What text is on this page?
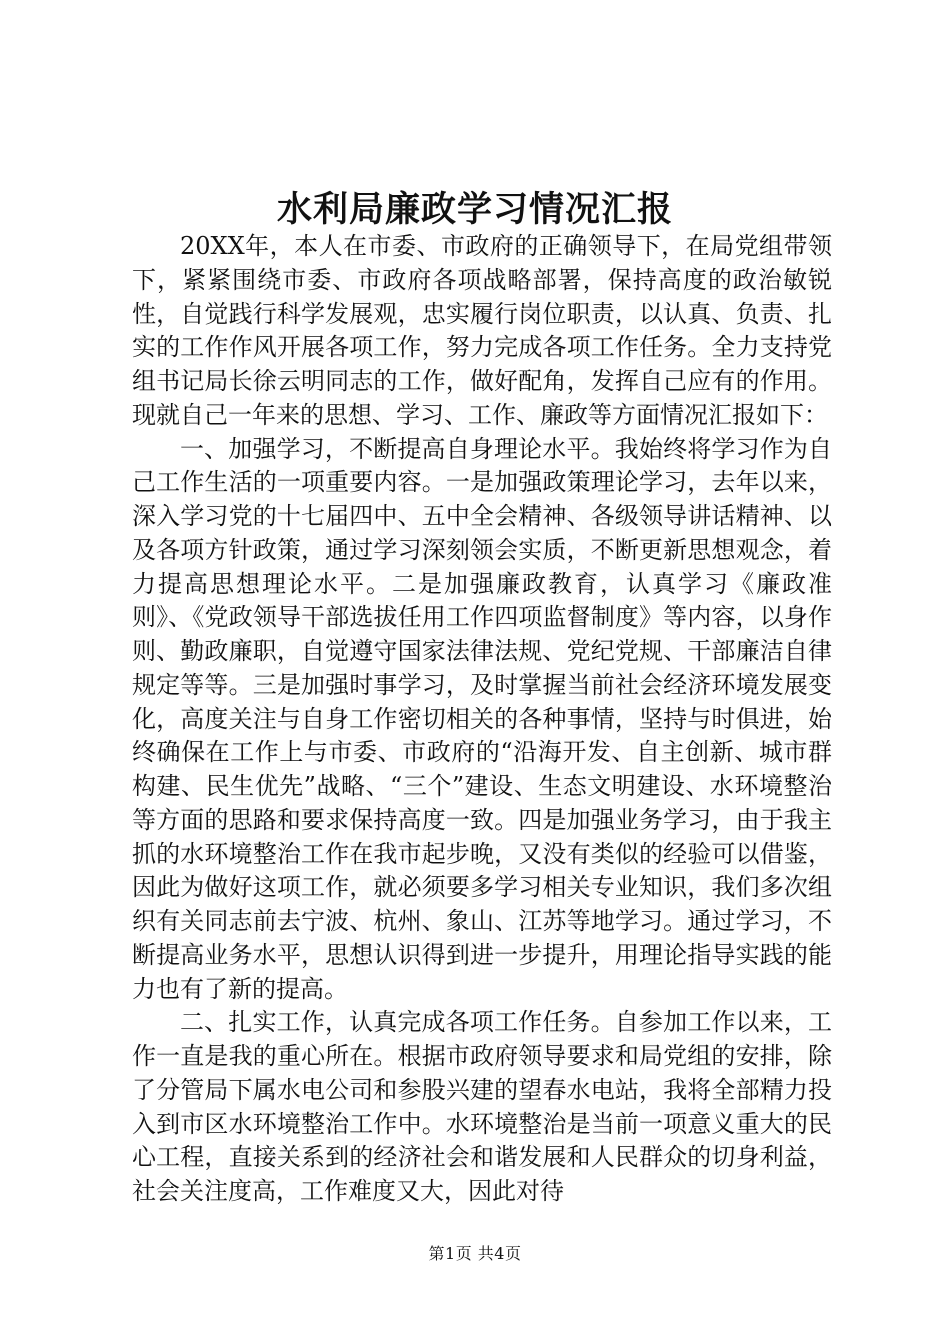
水利局廉政学习情况汇报

20XX年，本人在市委、市政府的正确领导下，在局党组带领下，紧紧围绕市委、市政府各项战略部署，保持高度的政治敏锐性，自觉践行科学发展观，忠实履行岗位职责，以认真、负责、扎实的工作作风开展各项工作，努力完成各项工作任务。全力支持党组书记局长徐云明同志的工作，做好配角，发挥自己应有的作用。现就自己一年来的思想、学习、工作、廉政等方面情况汇报如下：

一、加强学习，不断提高自身理论水平。我始终将学习作为自己工作生活的一项重要内容。一是加强政策理论学习，去年以来，深入学习党的十七届四中、五中全会精神、各级领导讲话精神、以及各项方针政策，通过学习深刻领会实质，不断更新思想观念，着力提高思想理论水平。二是加强廉政教育，认真学习《廉政准则》、《党政领导干部选拔任用工作四项监督制度》等内容，以身作则、勤政廉职，自觉遵守国家法律法规、党纪党规、干部廉洁自律规定等等。三是加强时事学习，及时掌握当前社会经济环境发展变化，高度关注与自身工作密切相关的各种事情，坚持与时俱进，始终确保在工作上与市委、市政府的“沿海开发、自主创新、城市群构建、民生优先”战略、“三个”建设、生态文明建设、水环境整治等方面的思路和要求保持高度一致。四是加强业务学习，由于我主抓的水环境整治工作在我市起步晚，又没有类似的经验可以借鉴，因此为做好这项工作，就必须要多学习相关专业知识，我们多次组织有关同志前去宁波、杭州、象山、江苏等地学习。通过学习，不断提高业务水平，思想认识得到进一步提升，用理论指导实践的能力也有了新的提高。

二、扎实工作，认真完成各项工作任务。自参加工作以来，工作一直是我的重心所在。根据市政府领导要求和局党组的安排，除了分管局下属水电公司和参股兴建的望春水电站，我将全部精力投入到市区水环境整治工作中。水环境整治是当前一项意义重大的民心工程，直接关系到的经济社会和谐发展和人民群众的切身利益，社会关注度高，工作难度又大，因此对待

第1页 共4页
